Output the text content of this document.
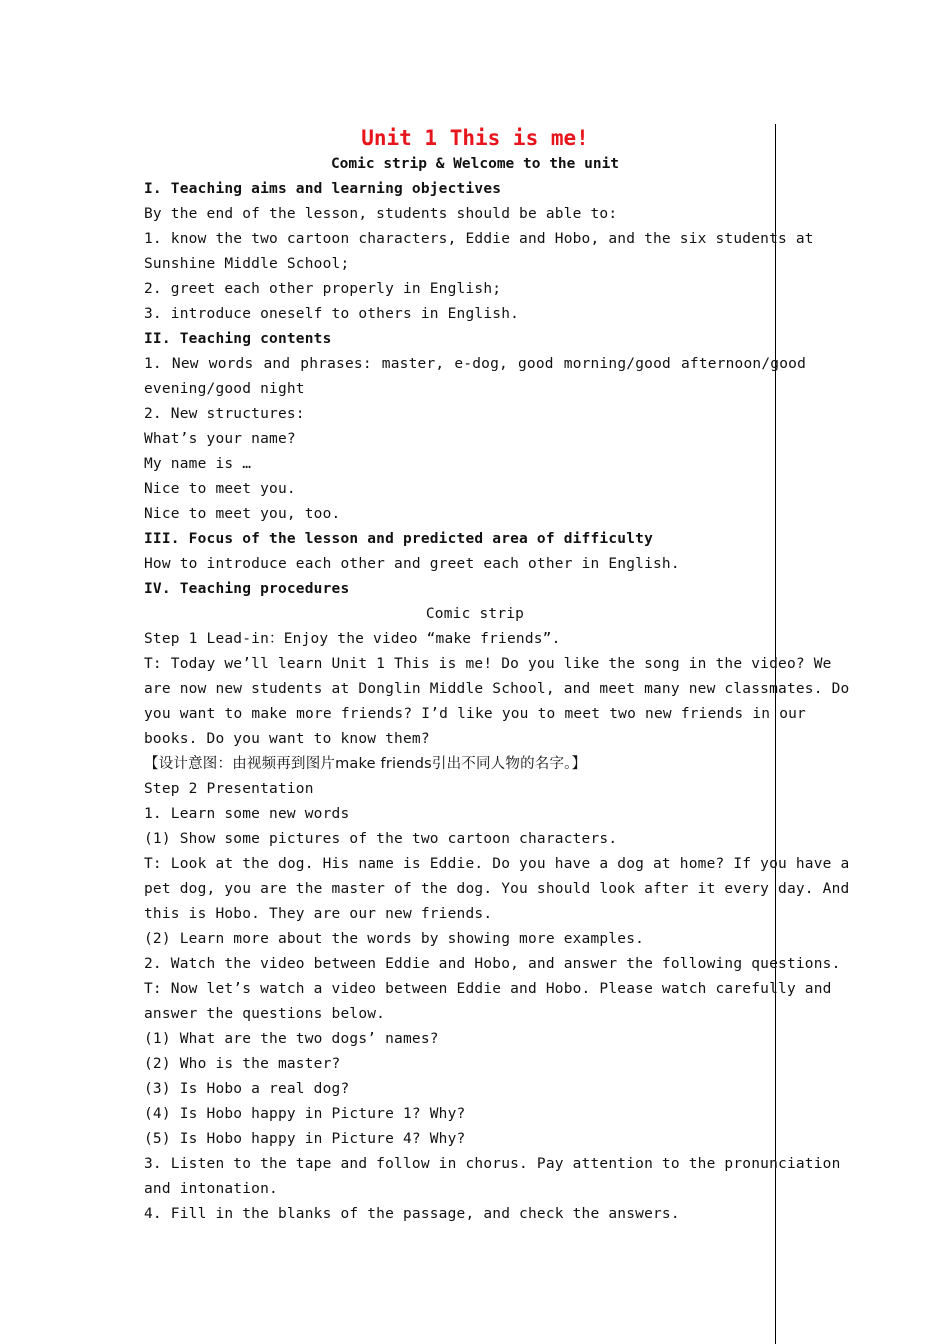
Unit 1 This is me!
Comic strip & Welcome to the unit
I. Teaching aims and learning objectives
By the end of the lesson, students should be able to:
1. know the two cartoon characters, Eddie and Hobo, and the six students at
Sunshine Middle School;
2. greet each other properly in English;
3. introduce oneself to others in English.
II. Teaching contents
1. New words and phrases: master, e-dog, good morning/good afternoon/good
evening/good night
2. New structures:
What’s your name?
My name is …
Nice to meet you.
Nice to meet you, too.
III. Focus of the lesson and predicted area of difficulty
How to introduce each other and greet each other in English.
IV. Teaching procedures
Comic strip
Step 1 Lead-in：Enjoy the video “make friends”.
T: Today we’ll learn Unit 1 This is me! Do you like the song in the video? We
are now new students at Donglin Middle School, and meet many new classmates. Do
you want to make more friends? I’d like you to meet two new friends in our
books. Do you want to know them?
【设计意图：由视频再到图片make friends引出不同人物的名字。】
Step 2 Presentation
1. Learn some new words
(1) Show some pictures of the two cartoon characters.
T: Look at the dog. His name is Eddie. Do you have a dog at home? If you have a
pet dog, you are the master of the dog. You should look after it every day. And
this is Hobo. They are our new friends.
(2) Learn more about the words by showing more examples.
2. Watch the video between Eddie and Hobo, and answer the following questions.
T: Now let’s watch a video between Eddie and Hobo. Please watch carefully and
answer the questions below.
(1) What are the two dogs’ names?
(2) Who is the master?
(3) Is Hobo a real dog?
(4) Is Hobo happy in Picture 1? Why?
(5) Is Hobo happy in Picture 4? Why?
3. Listen to the tape and follow in chorus. Pay attention to the pronunciation
and intonation.
4. Fill in the blanks of the passage, and check the answers.
